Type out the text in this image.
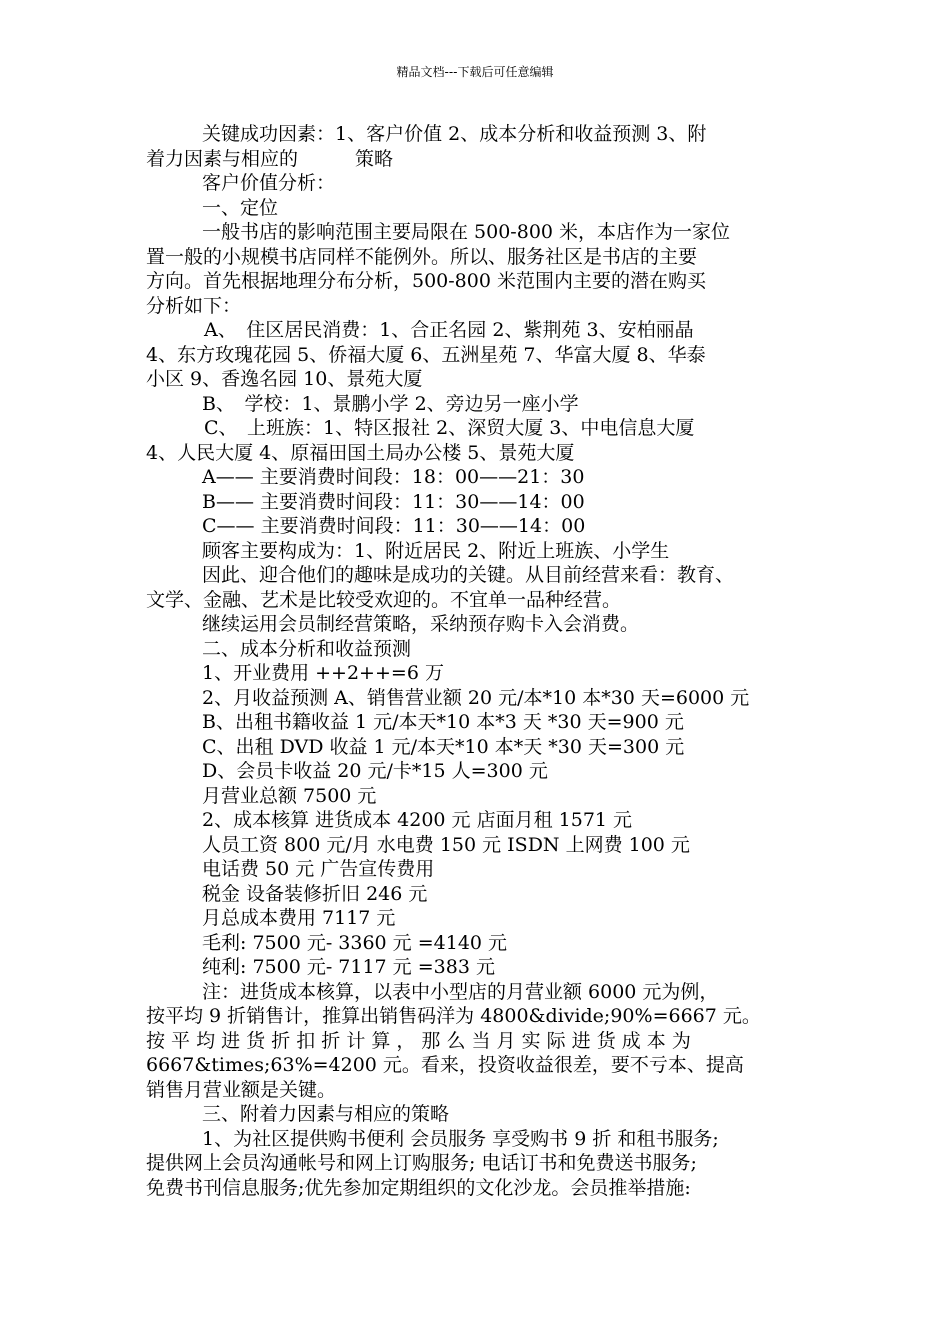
精品文档---下载后可任意编辑

关键成功因素：1、客户价值 2、成本分析和收益预测 3、附

着力因素与相应的　　　策略

客户价值分析：

一、定位

一般书店的影响范围主要局限在 500-800 米，本店作为一家位

置一般的小规模书店同样不能例外。所以、服务社区是书店的主要

方向。首先根据地理分布分析，500-800 米范围内主要的潜在购买

分析如下：

A、　住区居民消费：1、合正名园 2、紫荆苑 3、安柏丽晶

4、东方玫瑰花园 5、侨福大厦 6、五洲星苑 7、华富大厦 8、华泰

小区 9、香逸名园 10、景苑大厦

B、　学校：1、景鹏小学 2、旁边另一座小学

C、　上班族：1、特区报社 2、深贸大厦 3、中电信息大厦

4、人民大厦 4、原福田国土局办公楼 5、景苑大厦

A—— 主要消费时间段：18：00——21：30

B—— 主要消费时间段：11：30——14：00

C—— 主要消费时间段：11：30——14：00

顾客主要构成为：1、附近居民 2、附近上班族、小学生

因此、迎合他们的趣味是成功的关键。从目前经营来看：教育、

文学、金融、艺术是比较受欢迎的。不宜单一品种经营。

继续运用会员制经营策略，采纳预存购卡入会消费。

二、成本分析和收益预测

1、开业费用 ++2++=6 万

2、月收益预测 A、销售营业额 20 元/本*10 本*30 天=6000 元

B、出租书籍收益 1 元/本天*10 本*3 天 *30 天=900 元

C、出租 DVD 收益 1 元/本天*10 本*天 *30 天=300 元

D、会员卡收益 20 元/卡*15 人=300 元

月营业总额 7500 元

2、成本核算 进货成本 4200 元 店面月租 1571 元

人员工资 800 元/月 水电费 150 元 ISDN 上网费 100 元

电话费 50 元 广告宣传费用

税金 设备装修折旧 246 元

月总成本费用 7117 元

毛利: 7500 元- 3360 元 =4140 元

纯利: 7500 元- 7117 元 =383 元

注：进货成本核算，以表中小型店的月营业额 6000 元为例，

按平均 9 折销售计，推算出销售码洋为 4800&divide;90%=6667 元。

按 平 均 进 货 折 扣 折 计 算 ， 那 么 当 月 实 际 进 货 成 本 为

6667&times;63%=4200 元。看来，投资收益很差，要不亏本、提高

销售月营业额是关键。

三、附着力因素与相应的策略

1、为社区提供购书便利 会员服务 享受购书 9 折 和租书服务;

提供网上会员沟通帐号和网上订购服务; 电话订书和免费送书服务;

免费书刊信息服务;优先参加定期组织的文化沙龙。会员推举措施:
